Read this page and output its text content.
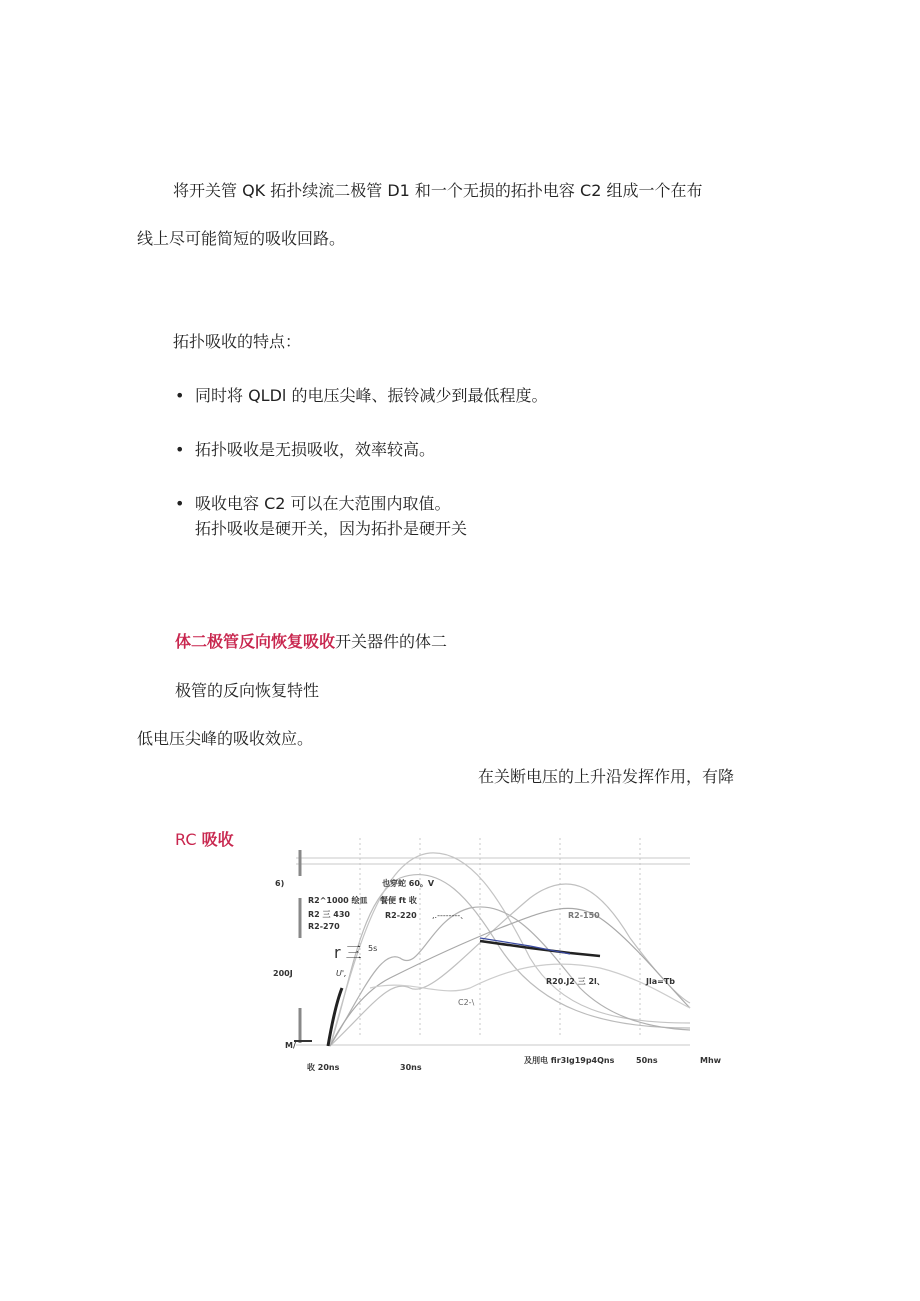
将开关管 QK 拓扑续流二极管 D1 和一个无损的拓扑电容 C2 组成一个在布
线上尽可能简短的吸收回路。
拓扑吸收的特点：
• 同时将 QLDl 的电压尖峰、振铃减少到最低程度。
• 拓扑吸收是无损吸收，效率较高。
• 吸收电容 C2 可以在大范围内取值。
拓扑吸收是硬开关，因为拓扑是硬开关
体二极管反向恢复吸收开关器件的体二
极管的反向恢复特性
低电压尖峰的吸收效应。
在关断电压的上升沿发挥作用，有降
RC 吸收
6)
R2^1000 绘皿
R2 三 430
R2-270
也穿蛇 60。V
餐便 ft 收
R2-220 ,.--------、	R2-150
r 三 5s
U',
200J
C2-\
R20.J2 三 2l、	Jla=Tb
M/
收 20ns	30ns
及刖电 fir3lg19p4Qns	50ns	Mhw
